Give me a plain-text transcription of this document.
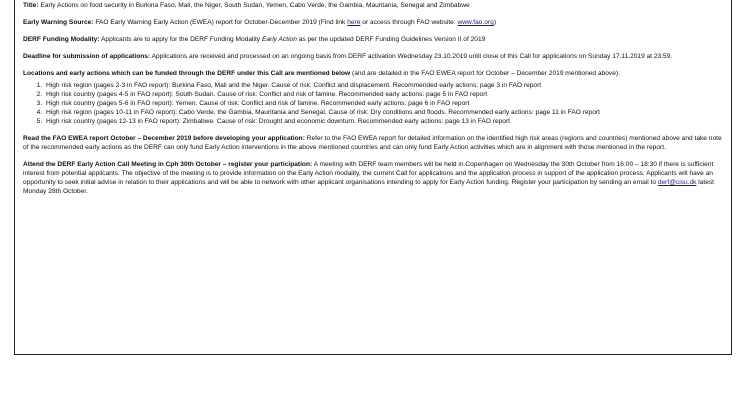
Title: Early Actions on food security in Burkina Faso, Mali, the Niger, South Sudan, Yemen, Cabo Verde, the Gambia, Mauritania, Senegal and Zimbabwe

Early Warning Source: FAO Early Warning Early Action (EWEA) report for October-December 2019 (Find link here or access through FAO website: www.fao.org)

DERF Funding Modality: Applicants are to apply for the DERF Funding Modality Early Action as per the updated DERF Funding Guidelines Version II of 2019

Deadline for submission of applications: Applications are received and processed on an ongoing basis from DERF activation Wednesday 23.10.2019 until close of this Call for applications on Sunday 17.11.2019 at 23:59.

Locations and early actions which can be funded through the DERF under this Call are mentioned below (and are detailed in the FAO EWEA report for October – December 2019 mentioned above):

1. High risk region (pages 2-3 in FAO report): Burkina Faso, Mali and the Niger. Cause of risk: Conflict and displacement. Recommended early actions: page 3 in FAO report
2. High risk country (pages 4-5 in FAO report): South Sudan. Cause of risk: Conflict and risk of famine. Recommended early actions: page 5 in FAO report
3. High risk country (pages 5-6 in FAO report): Yemen. Cause of risk: Conflict and risk of famine. Recommended early actions: page 6 in FAO report
4. High risk region (pages 10-11 in FAO report): Cabo Verde, the Gambia, Mauritania and Senegal. Cause of risk: Dry conditions and floods. Recommended early actions: page 11 in FAO report
5. High risk country (pages 12-13 in FAO report): Zimbabwe. Cause of risk: Drought and economic downturn. Recommended early actions: page 13 in FAO report

Read the FAO EWEA report October – December 2019 before developing your application: Refer to the FAO EWEA report for detailed information on the identified high risk areas (regions and countries) mentioned above and take note of the recommended early actions as the DERF can only fund Early Action interventions in the above mentioned countries and can only fund Early Action activities which are in alignment with those mentioned in the report.

Attend the DERF Early Action Call Meeting in Cph 30th October – register your participation: A meeting with DERF team members will be held in Copenhagen on Wednesday the 30th October from 16:00 – 18:30 if there is sufficient interest from potential applicants. The objective of the meeting is to provide information on the Early Action modality, the current Call for applications and the application process in support of the application process. Applicants will have an opportunity to seek initial advise in relation to their applications and will be able to network with other applicant organisations intending to apply for Early Action funding. Register your participation by sending an email to derf@cisu.dk latest Monday 28th October.
